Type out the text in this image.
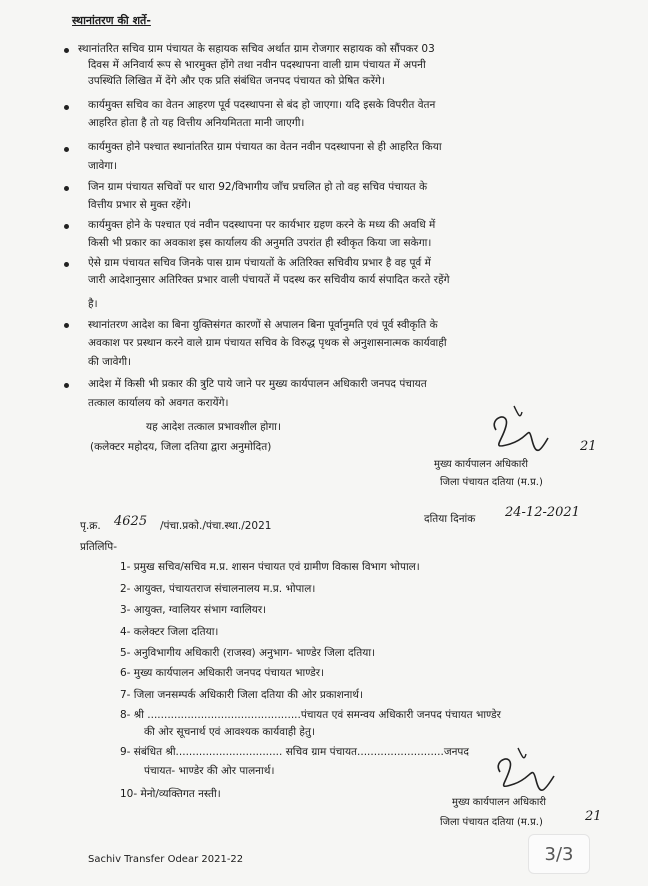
स्थानांतरण की शर्ते-
स्थानांतरित सचिव ग्राम पंचायत के सहायक सचिव अर्थात ग्राम रोजगार सहायक को सौंपकर 03
दिवस में अनिवार्य रूप से भारमुक्त होंगे तथा नवीन पदस्थापना वाली ग्राम पंचायत में अपनी
उपस्थिति लिखित में देंगे और एक प्रति संबंधित जनपद पंचायत को प्रेषित करेंगे।
कार्यमुक्त सचिव का वेतन आहरण पूर्व पदस्थापना से बंद हो जाएगा। यदि इसके विपरीत वेतन
आहरित होता है तो यह वित्तीय अनियमितता मानी जाएगी।
कार्यमुक्त होने पश्चात स्थानांतरित ग्राम पंचायत का वेतन नवीन पदस्थापना से ही आहरित किया
जावेगा।
जिन ग्राम पंचायत सचिवों पर धारा 92/विभागीय जाँच प्रचलित हो तो वह सचिव पंचायत के
वित्तीय प्रभार से मुक्त रहेंगे।
कार्यमुक्त होने के पश्चात एवं नवीन पदस्थापना पर कार्यभार ग्रहण करने के मध्य की अवधि में
किसी भी प्रकार का अवकाश इस कार्यालय की अनुमति उपरांत ही स्वीकृत किया जा सकेगा।
ऐसे ग्राम पंचायत सचिव जिनके पास ग्राम पंचायतों के अतिरिक्त सचिवीय प्रभार है वह पूर्व में
जारी आदेशानुसार अतिरिक्त प्रभार वाली पंचायतें में पदस्थ कर सचिवीय कार्य संपादित करते रहेंगे
है।
स्थानांतरण आदेश का बिना युक्तिसंगत कारणों से अपालन बिना पूर्वानुमति एवं पूर्व स्वीकृति के
अवकाश पर प्रस्थान करने वाले ग्राम पंचायत सचिव के विरुद्ध पृथक से अनुशासनात्मक कार्यवाही
की जावेगी।
आदेश में किसी भी प्रकार की त्रुटि पाये जाने पर मुख्य कार्यपालन अधिकारी जनपद पंचायत
तत्काल कार्यालय को अवगत करायेंगे।
यह आदेश तत्काल प्रभावशील होगा।
(कलेक्टर महोदय, जिला दतिया द्वारा अनुमोदित)
मुख्य कार्यपालन अधिकारी
जिला पंचायत दतिया (म.प्र.)
21
पृ.क्र. 4625 /पंचा.प्रको./पंचा.स्था./2021
दतिया दिनांक 24-12-2021
प्रतिलिपि-
1- प्रमुख सचिव/सचिव म.प्र. शासन पंचायत एवं ग्रामीण विकास विभाग भोपाल।
2- आयुक्त, पंचायतराज संचालनालय म.प्र. भोपाल।
3- आयुक्त, ग्वालियर संभाग ग्वालियर।
4- कलेक्टर जिला दतिया।
5- अनुविभागीय अधिकारी (राजस्व) अनुभाग- भाण्डेर जिला दतिया।
6- मुख्य कार्यपालन अधिकारी जनपद पंचायत भाण्डेर।
7- जिला जनसम्पर्क अधिकारी जिला दतिया की ओर प्रकाशनार्थ।
8- श्री ..............................................पंचायत एवं समन्वय अधिकारी जनपद पंचायत भाण्डेर
की ओर सूचनार्थ एवं आवश्यक कार्यवाही हेतु।
9- संबंधित श्री................................ सचिव ग्राम पंचायत..........................जनपद
पंचायत- भाण्डेर की ओर पालनार्थ।
10- मेनो/व्यक्तिगत नस्ती।
मुख्य कार्यपालन अधिकारी
जिला पंचायत दतिया (म.प्र.)	21
Sachiv Transfer Odear 2021-22	3/3
